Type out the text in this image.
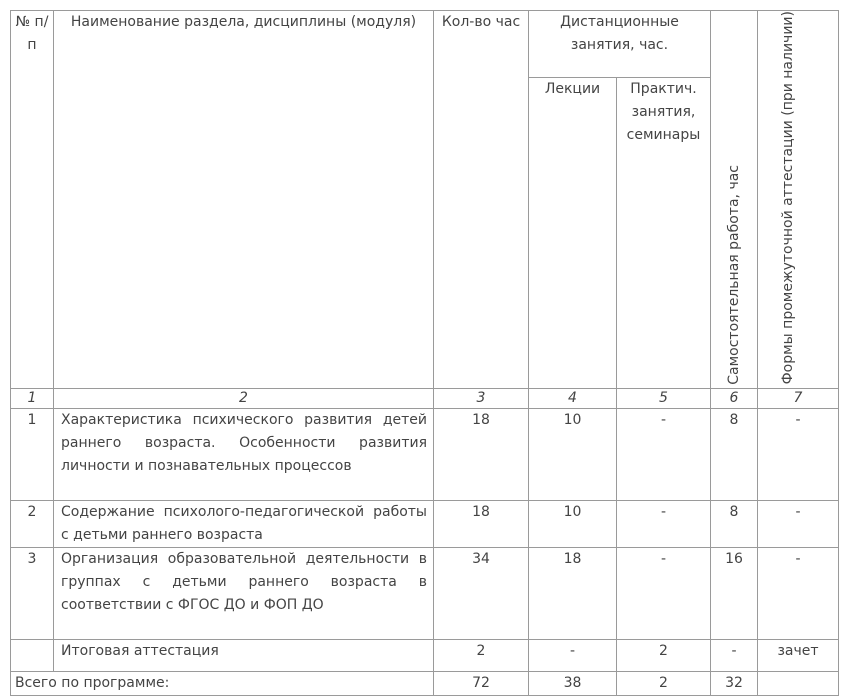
№ п/п	Наименование раздела, дисциплины (модуля)	Кол-во час	Дистанционные занятия, час.		Самостоятельная работа, час	Формы промежуточной аттестации (при наличии)

			Лекции	Практич. занятия, семинары		
1	2	3	4	5	6	7
1	Характеристика психического развития детей раннего возраста. Особенности развития личности и познавательных процессов	18	10	-	8	-
2	Содержание психолого-педагогической работы с детьми раннего возраста	18	10	-	8	-
3	Организация образовательной деятельности в группах с детьми раннего возраста в соответствии с ФГОС ДО и ФОП ДО	34	18	-	16	-
	Итоговая аттестация	2	-	2	-	зачет
Всего по программе:		72	38	2	32	
